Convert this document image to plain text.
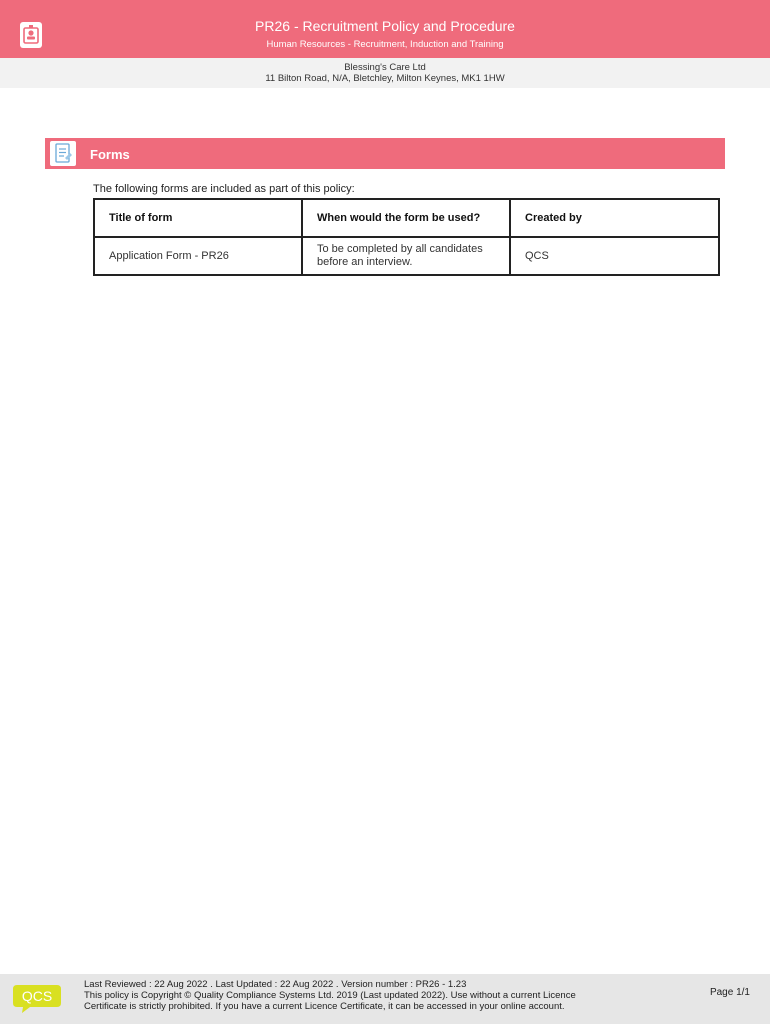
PR26 - Recruitment Policy and Procedure
Human Resources - Recruitment, Induction and Training
Blessing's Care Ltd
11 Bilton Road, N/A, Bletchley, Milton Keynes, MK1 1HW
Forms
The following forms are included as part of this policy:
Title of form	When would the form be used?	Created by
Application Form - PR26	To be completed by all candidates before an interview.	QCS
QCS
Last Reviewed : 22 Aug 2022 . Last Updated : 22 Aug 2022 . Version number : PR26 - 1.23
This policy is Copyright © Quality Compliance Systems Ltd. 2019 (Last updated 2022). Use without a current Licence
Certificate is strictly prohibited. If you have a current Licence Certificate, it can be accessed in your online account.
Page 1/1
